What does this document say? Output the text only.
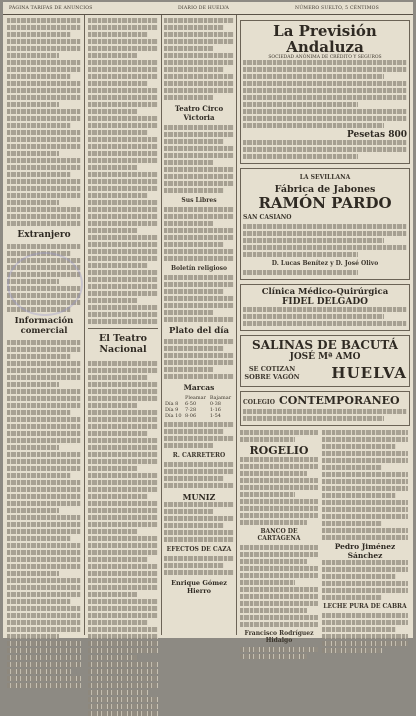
PÁGINA TARIFAS DE ANUNCIOS	DIARIO DE HUELVA	NÚMERO SUELTO, 5 CÉNTIMOS
Extranjero
Información comercial
El Teatro Nacional
Teatro Circo Victoria
Sus Libres
Boletín religioso
Plato del día
Marcas
	Pleamar	Bajamar
Día 8	6·50	0·38
Día 9	7·28	1·16
Día 10	8·06	1·54
R. CARRETERO
MUNIZ
EFECTOS DE CAZA
Enrique Gómez Hierro
La Previsión Andaluza
SOCIEDAD ANÓNIMA DE CRÉDITO Y SEGUROS
Pesetas 800
LA SEVILLANA
Fábrica de Jabones
RAMÓN PARDO
SAN CASIANO
D. Lucas Benítez y D. José Olivo
Clínica Médico-Quirúrgica
FIDEL DELGADO
SALINAS DE BACUTÁ
JOSÉ Mª AMO
SE COTIZAN SOBRE VAGÓN HUELVA
COLEGIO CONTEMPORANEO
ROGELIO
BANCO DE CARTAGENA
Francisco Rodríguez Hidalgo
Pedro Jiménez Sánchez
LECHE PURA DE CABRA
